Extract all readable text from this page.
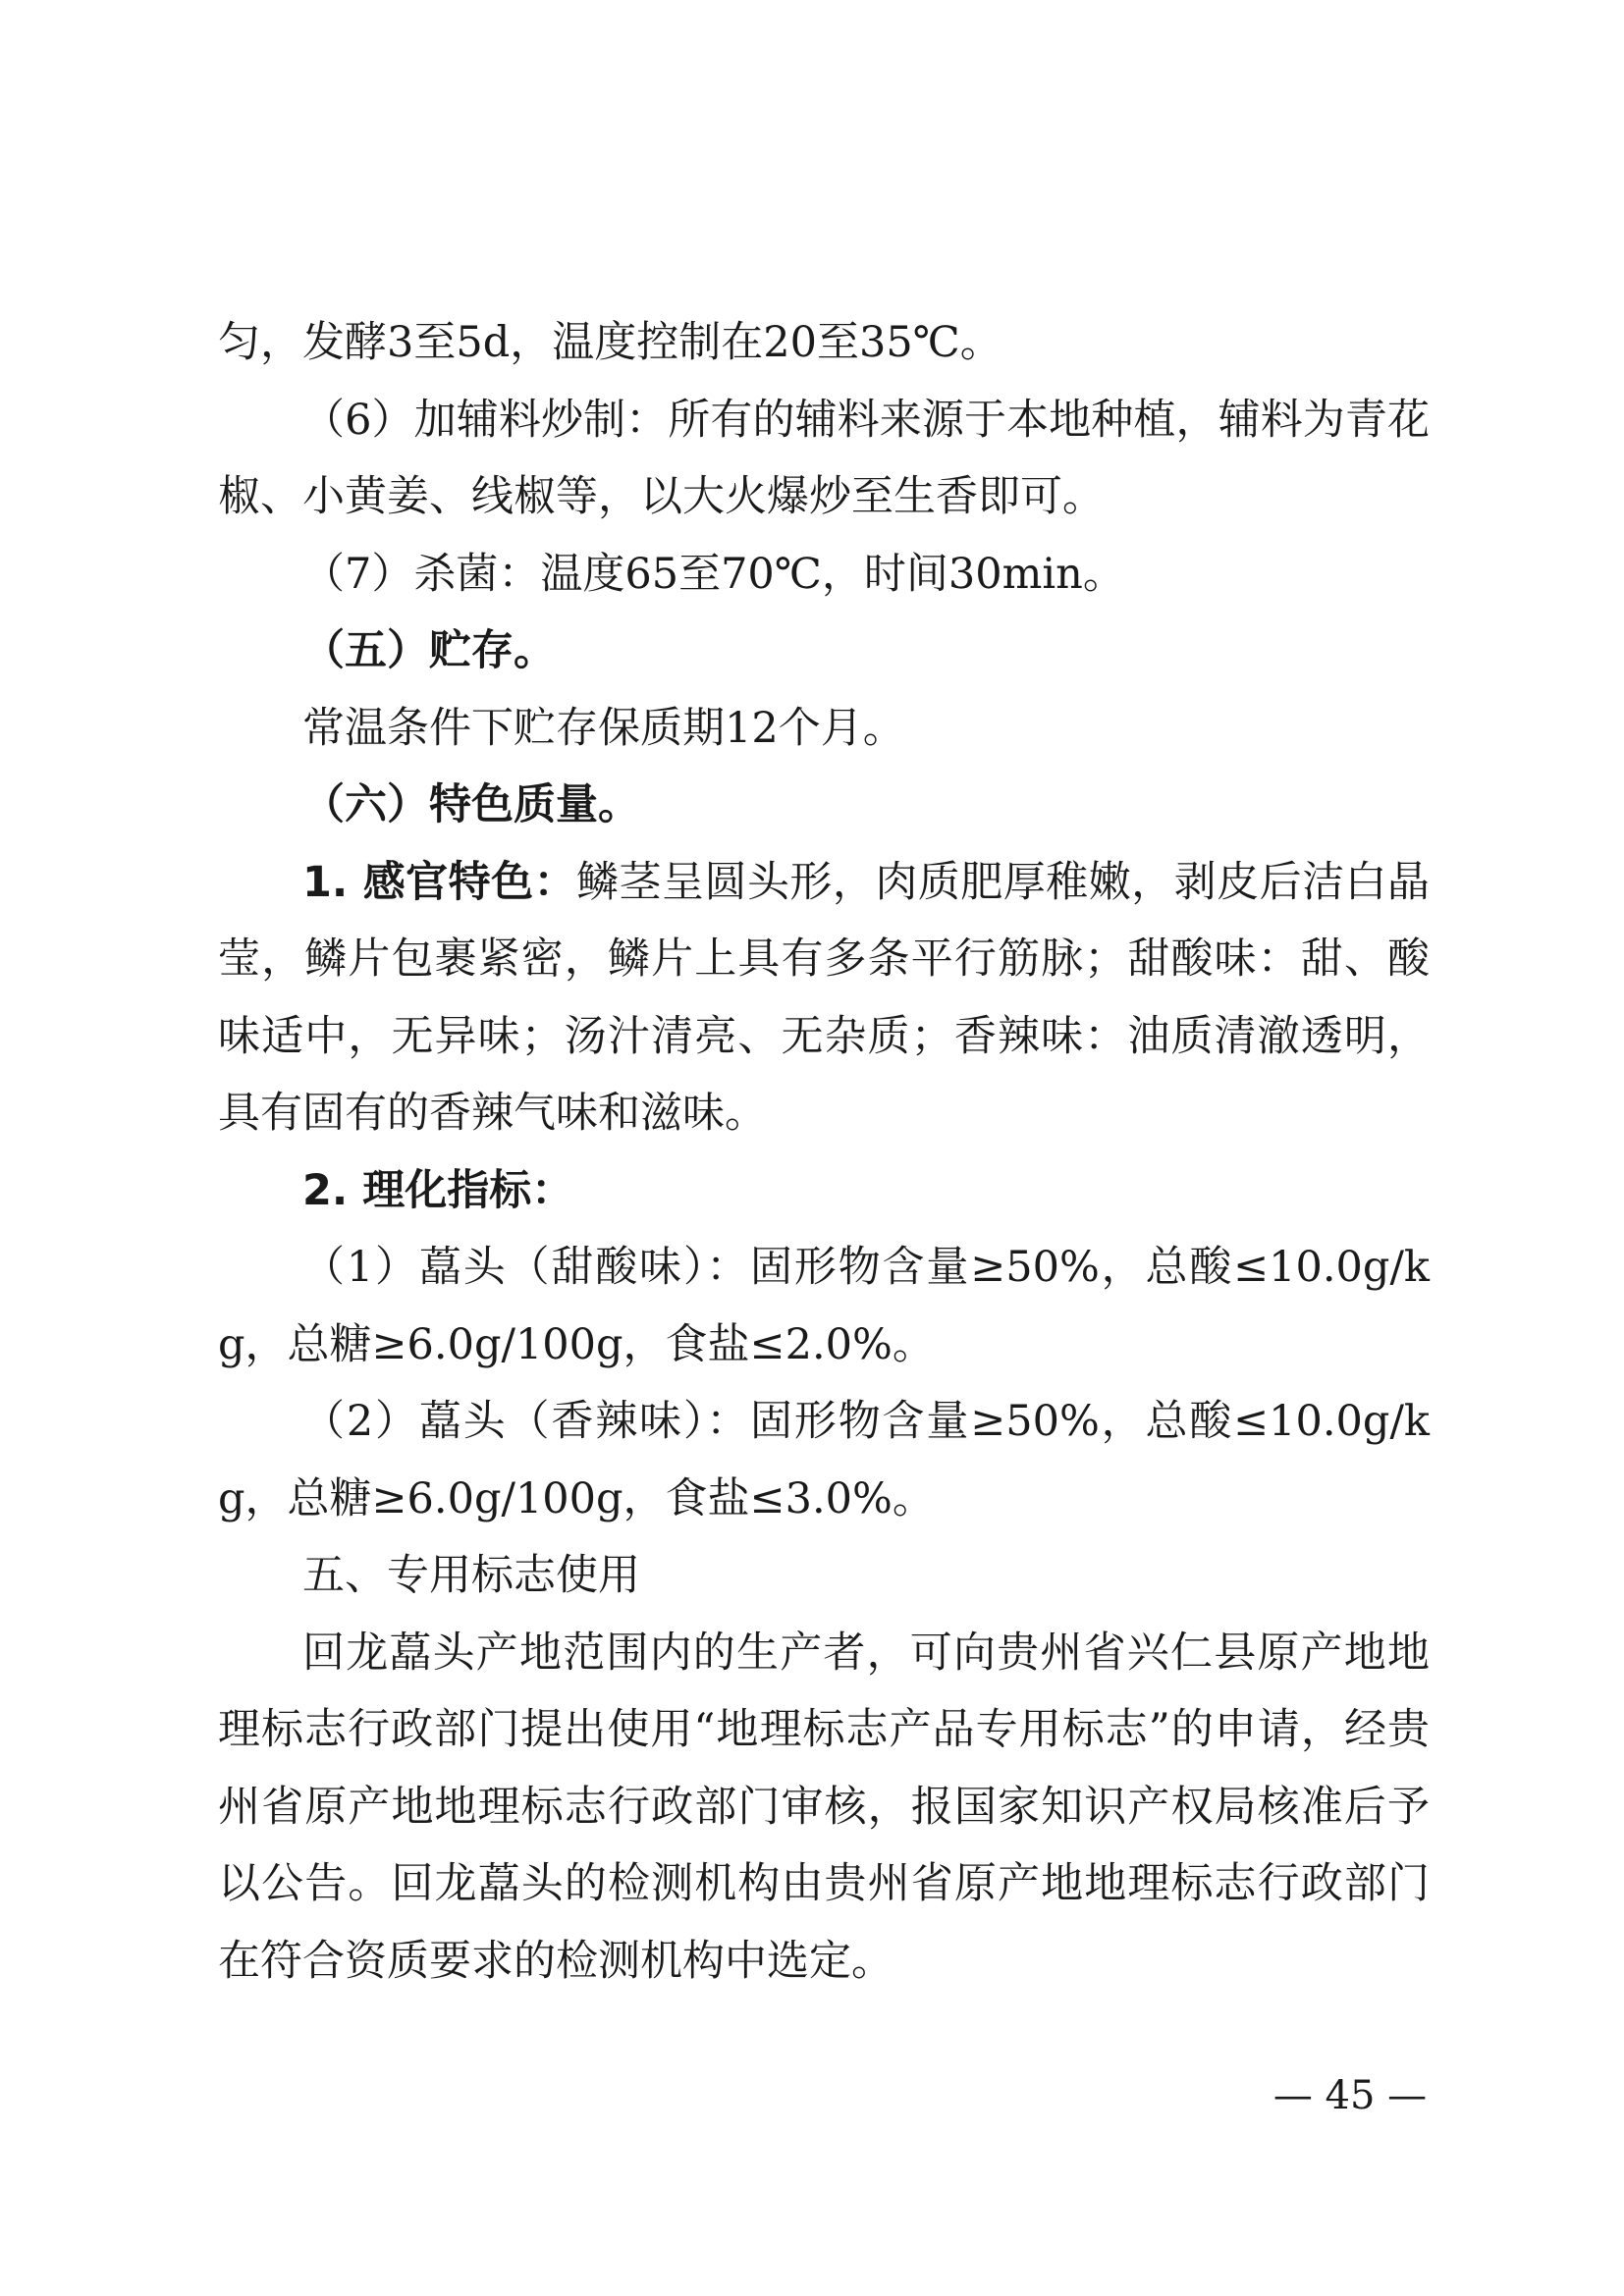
匀，发酵3至5d，温度控制在20至35℃。

（6）加辅料炒制：所有的辅料来源于本地种植，辅料为青花椒、小黄姜、线椒等，以大火爆炒至生香即可。

（7）杀菌：温度65至70℃，时间30min。

（五）贮存。

常温条件下贮存保质期12个月。

（六）特色质量。

1. 感官特色：鳞茎呈圆头形，肉质肥厚稚嫩，剥皮后洁白晶莹，鳞片包裹紧密，鳞片上具有多条平行筋脉；甜酸味：甜、酸味适中，无异味；汤汁清亮、无杂质；香辣味：油质清澈透明，具有固有的香辣气味和滋味。

2. 理化指标：

（1）藠头（甜酸味）：固形物含量≥50%，总酸≤10.0g/kg，总糖≥6.0g/100g，食盐≤2.0%。

（2）藠头（香辣味）：固形物含量≥50%，总酸≤10.0g/kg，总糖≥6.0g/100g，食盐≤3.0%。

五、专用标志使用

回龙藠头产地范围内的生产者，可向贵州省兴仁县原产地地理标志行政部门提出使用“地理标志产品专用标志”的申请，经贵州省原产地地理标志行政部门审核，报国家知识产权局核准后予以公告。回龙藠头的检测机构由贵州省原产地地理标志行政部门在符合资质要求的检测机构中选定。

— 45 —
